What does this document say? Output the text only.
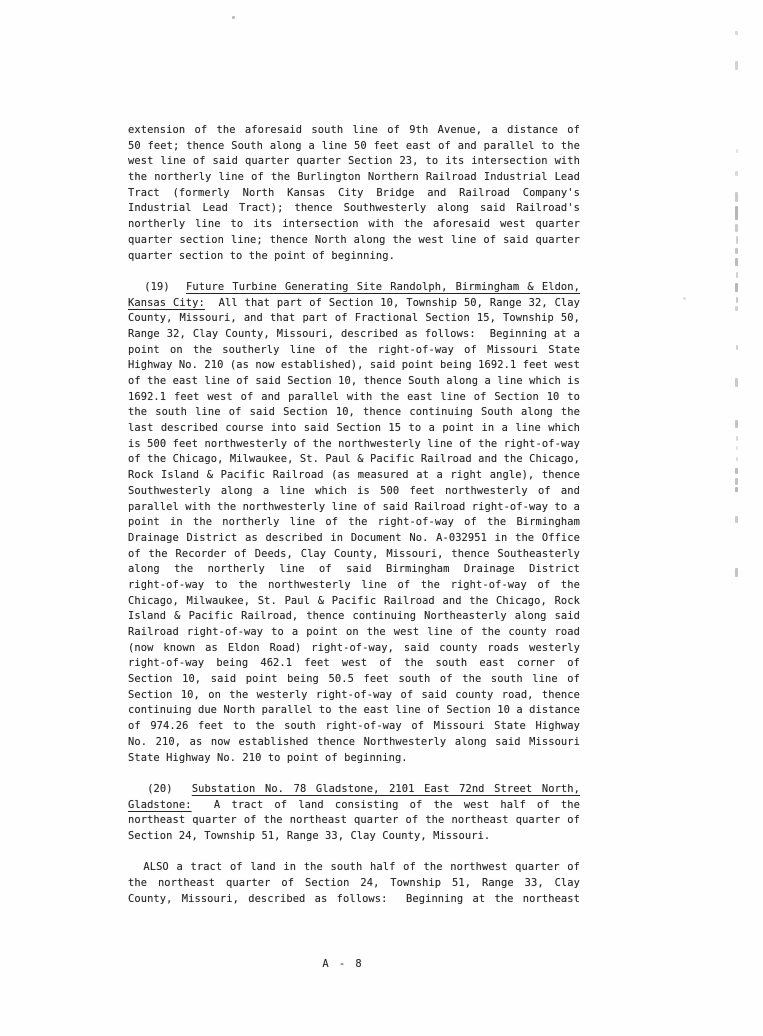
extension of the aforesaid south line of 9th Avenue, a distance of
50 feet; thence South along a line 50 feet east of and parallel to the
west line of said quarter quarter Section 23, to its intersection with
the northerly line of the Burlington Northern Railroad Industrial Lead
Tract (formerly North Kansas City Bridge and Railroad Company's
Industrial Lead Tract); thence Southwesterly along said Railroad's
northerly line to its intersection with the aforesaid west quarter
quarter section line; thence North along the west line of said quarter
quarter section to the point of beginning.
(19)  Future Turbine Generating Site Randolph, Birmingham & Eldon,
Kansas City:  All that part of Section 10, Township 50, Range 32, Clay
County, Missouri, and that part of Fractional Section 15, Township 50,
Range 32, Clay County, Missouri, described as follows:  Beginning at a
point on the southerly line of the right-of-way of Missouri State
Highway No. 210 (as now established), said point being 1692.1 feet west
of the east line of said Section 10, thence South along a line which is
1692.1 feet west of and parallel with the east line of Section 10 to
the south line of said Section 10, thence continuing South along the
last described course into said Section 15 to a point in a line which
is 500 feet northwesterly of the northwesterly line of the right-of-way
of the Chicago, Milwaukee, St. Paul & Pacific Railroad and the Chicago,
Rock Island & Pacific Railroad (as measured at a right angle), thence
Southwesterly along a line which is 500 feet northwesterly of and
parallel with the northwesterly line of said Railroad right-of-way to a
point in the northerly line of the right-of-way of the Birmingham
Drainage District as described in Document No. A-032951 in the Office
of the Recorder of Deeds, Clay County, Missouri, thence Southeasterly
along the northerly line of said Birmingham Drainage District
right-of-way to the northwesterly line of the right-of-way of the
Chicago, Milwaukee, St. Paul & Pacific Railroad and the Chicago, Rock
Island & Pacific Railroad, thence continuing Northeasterly along said
Railroad right-of-way to a point on the west line of the county road
(now known as Eldon Road) right-of-way, said county roads westerly
right-of-way being 462.1 feet west of the south east corner of
Section 10, said point being 50.5 feet south of the south line of
Section 10, on the westerly right-of-way of said county road, thence
continuing due North parallel to the east line of Section 10 a distance
of 974.26 feet to the south right-of-way of Missouri State Highway
No. 210, as now established thence Northwesterly along said Missouri
State Highway No. 210 to point of beginning.
(20)  Substation No. 78 Gladstone, 2101 East 72nd Street North,
Gladstone:  A tract of land consisting of the west half of the
northeast quarter of the northeast quarter of the northeast quarter of
Section 24, Township 51, Range 33, Clay County, Missouri.
ALSO a tract of land in the south half of the northwest quarter of
the northeast quarter of Section 24, Township 51, Range 33, Clay
County, Missouri, described as follows:  Beginning at the northeast
A - 8
